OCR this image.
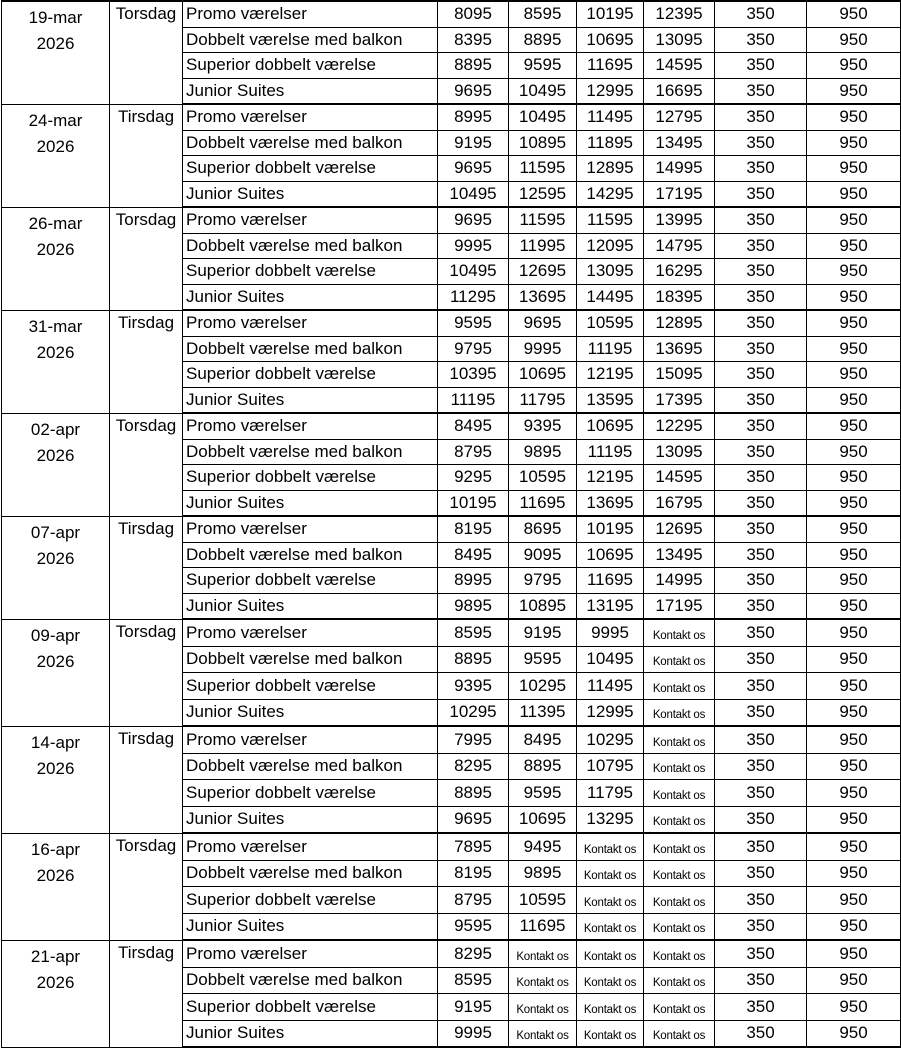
19-mar
2026	Torsdag	Promo værelser	8095	8595	10195	12395	350	950
		Dobbelt værelse med balkon	8395	8895	10695	13095	350	950
		Superior dobbelt værelse	8895	9595	11695	14595	350	950
		Junior Suites	9695	10495	12995	16695	350	950

24-mar
2026	Tirsdag	Promo værelser	8995	10495	11495	12795	350	950
		Dobbelt værelse med balkon	9195	10895	11895	13495	350	950
		Superior dobbelt værelse	9695	11595	12895	14995	350	950
		Junior Suites	10495	12595	14295	17195	350	950

26-mar
2026	Torsdag	Promo værelser	9695	11595	11595	13995	350	950
		Dobbelt værelse med balkon	9995	11995	12095	14795	350	950
		Superior dobbelt værelse	10495	12695	13095	16295	350	950
		Junior Suites	11295	13695	14495	18395	350	950

31-mar
2026	Tirsdag	Promo værelser	9595	9695	10595	12895	350	950
		Dobbelt værelse med balkon	9795	9995	11195	13695	350	950
		Superior dobbelt værelse	10395	10695	12195	15095	350	950
		Junior Suites	11195	11795	13595	17395	350	950

02-apr
2026	Torsdag	Promo værelser	8495	9395	10695	12295	350	950
		Dobbelt værelse med balkon	8795	9895	11195	13095	350	950
		Superior dobbelt værelse	9295	10595	12195	14595	350	950
		Junior Suites	10195	11695	13695	16795	350	950

07-apr
2026	Tirsdag	Promo værelser	8195	8695	10195	12695	350	950
		Dobbelt værelse med balkon	8495	9095	10695	13495	350	950
		Superior dobbelt værelse	8995	9795	11695	14995	350	950
		Junior Suites	9895	10895	13195	17195	350	950

09-apr
2026	Torsdag	Promo værelser	8595	9195	9995	Kontakt os	350	950
		Dobbelt værelse med balkon	8895	9595	10495	Kontakt os	350	950
		Superior dobbelt værelse	9395	10295	11495	Kontakt os	350	950
		Junior Suites	10295	11395	12995	Kontakt os	350	950

14-apr
2026	Tirsdag	Promo værelser	7995	8495	10295	Kontakt os	350	950
		Dobbelt værelse med balkon	8295	8895	10795	Kontakt os	350	950
		Superior dobbelt værelse	8895	9595	11795	Kontakt os	350	950
		Junior Suites	9695	10695	13295	Kontakt os	350	950

16-apr
2026	Torsdag	Promo værelser	7895	9495	Kontakt os	Kontakt os	350	950
		Dobbelt værelse med balkon	8195	9895	Kontakt os	Kontakt os	350	950
		Superior dobbelt værelse	8795	10595	Kontakt os	Kontakt os	350	950
		Junior Suites	9595	11695	Kontakt os	Kontakt os	350	950

21-apr
2026	Tirsdag	Promo værelser	8295	Kontakt os	Kontakt os	Kontakt os	350	950
		Dobbelt værelse med balkon	8595	Kontakt os	Kontakt os	Kontakt os	350	950
		Superior dobbelt værelse	9195	Kontakt os	Kontakt os	Kontakt os	350	950
		Junior Suites	9995	Kontakt os	Kontakt os	Kontakt os	350	950
